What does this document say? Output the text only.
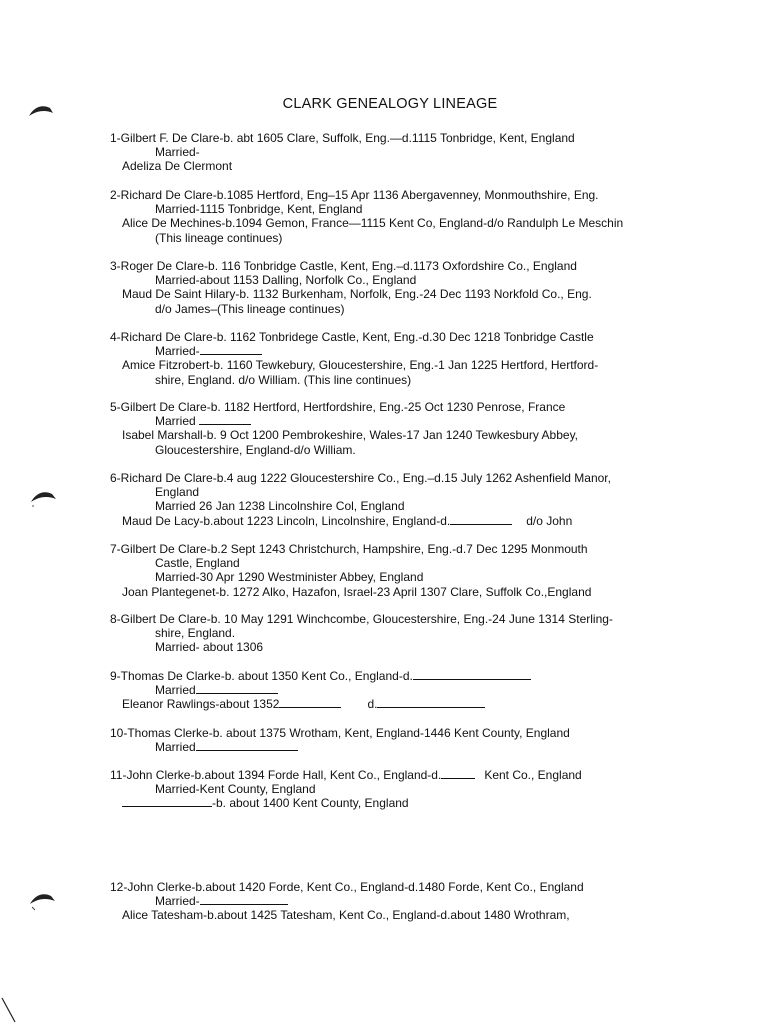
CLARK GENEALOGY LINEAGE
1-Gilbert F. De Clare-b. abt 1605 Clare, Suffolk, Eng.—d.1115 Tonbridge, Kent, England
Married-
Adeliza De Clermont
2-Richard De Clare-b.1085 Hertford, Eng–15 Apr 1136 Abergavenney, Monmouthshire, Eng.
Married-1115 Tonbridge, Kent, England
Alice De Mechines-b.1094 Gemon, France—1115 Kent Co, England-d/o Randulph Le Meschin
(This lineage continues)
3-Roger De Clare-b. 116 Tonbridge Castle, Kent, Eng.–d.1173 Oxfordshire Co., England
Married-about 1153 Dalling, Norfolk Co., England
Maud De Saint Hilary-b. 1132 Burkenham, Norfolk, Eng.-24 Dec 1193 Norkfold Co., Eng.
d/o James–(This lineage continues)
4-Richard De Clare-b. 1162 Tonbridege Castle, Kent, Eng.-d.30 Dec 1218 Tonbridge Castle
Married-
Amice Fitzrobert-b. 1160 Tewkebury, Gloucestershire, Eng.-1 Jan 1225 Hertford, Hertford-
shire, England. d/o William. (This line continues)
5-Gilbert De Clare-b. 1182 Hertford, Hertfordshire, Eng.-25 Oct 1230 Penrose, France
Married
Isabel Marshall-b. 9 Oct 1200 Pembrokeshire, Wales-17 Jan 1240 Tewkesbury Abbey,
Gloucestershire, England-d/o William.
6-Richard De Clare-b.4 aug 1222 Gloucestershire Co., Eng.–d.15 July 1262 Ashenfield Manor,
England
Married 26 Jan 1238 Lincolnshire Col, England
Maud De Lacy-b.about 1223 Lincoln, Lincolnshire, England-d.	d/o John
7-Gilbert De Clare-b.2 Sept 1243 Christchurch, Hampshire, Eng.-d.7 Dec 1295 Monmouth
Castle, England
Married-30 Apr 1290 Westminister Abbey, England
Joan Plantegenet-b. 1272 Alko, Hazafon, Israel-23 April 1307 Clare, Suffolk Co.,England
8-Gilbert De Clare-b. 10 May 1291 Winchcombe, Gloucestershire, Eng.-24 June 1314 Sterling-
shire, England.
Married- about 1306
9-Thomas De Clarke-b. about 1350 Kent Co., England-d.
Married
Eleanor Rawlings-about 1352	d.
10-Thomas Clerke-b. about 1375 Wrotham, Kent, England-1446 Kent County, England
Married
11-John Clerke-b.about 1394 Forde Hall, Kent Co., England-d.	Kent Co., England
Married-Kent County, England
-b. about 1400 Kent County, England
12-John Clerke-b.about 1420 Forde, Kent Co., England-d.1480 Forde, Kent Co., England
Married-
Alice Tatesham-b.about 1425 Tatesham, Kent Co., England-d.about 1480 Wrothram,
